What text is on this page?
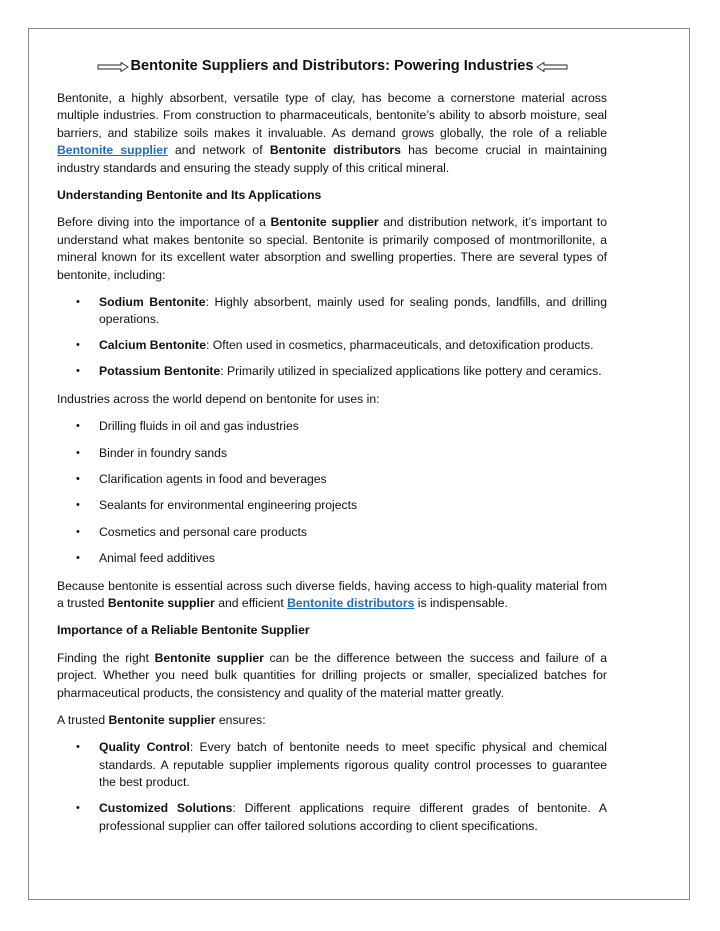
Bentonite Suppliers and Distributors: Powering Industries

Bentonite, a highly absorbent, versatile type of clay, has become a cornerstone material across multiple industries. From construction to pharmaceuticals, bentonite’s ability to absorb moisture, seal barriers, and stabilize soils makes it invaluable. As demand grows globally, the role of a reliable Bentonite supplier and network of Bentonite distributors has become crucial in maintaining industry standards and ensuring the steady supply of this critical mineral.

Understanding Bentonite and Its Applications

Before diving into the importance of a Bentonite supplier and distribution network, it’s important to understand what makes bentonite so special. Bentonite is primarily composed of montmorillonite, a mineral known for its excellent water absorption and swelling properties. There are several types of bentonite, including:

• Sodium Bentonite: Highly absorbent, mainly used for sealing ponds, landfills, and drilling operations.
• Calcium Bentonite: Often used in cosmetics, pharmaceuticals, and detoxification products.
• Potassium Bentonite: Primarily utilized in specialized applications like pottery and ceramics.

Industries across the world depend on bentonite for uses in:

• Drilling fluids in oil and gas industries
• Binder in foundry sands
• Clarification agents in food and beverages
• Sealants for environmental engineering projects
• Cosmetics and personal care products
• Animal feed additives

Because bentonite is essential across such diverse fields, having access to high-quality material from a trusted Bentonite supplier and efficient Bentonite distributors is indispensable.

Importance of a Reliable Bentonite Supplier

Finding the right Bentonite supplier can be the difference between the success and failure of a project. Whether you need bulk quantities for drilling projects or smaller, specialized batches for pharmaceutical products, the consistency and quality of the material matter greatly.

A trusted Bentonite supplier ensures:

• Quality Control: Every batch of bentonite needs to meet specific physical and chemical standards. A reputable supplier implements rigorous quality control processes to guarantee the best product.
• Customized Solutions: Different applications require different grades of bentonite. A professional supplier can offer tailored solutions according to client specifications.
